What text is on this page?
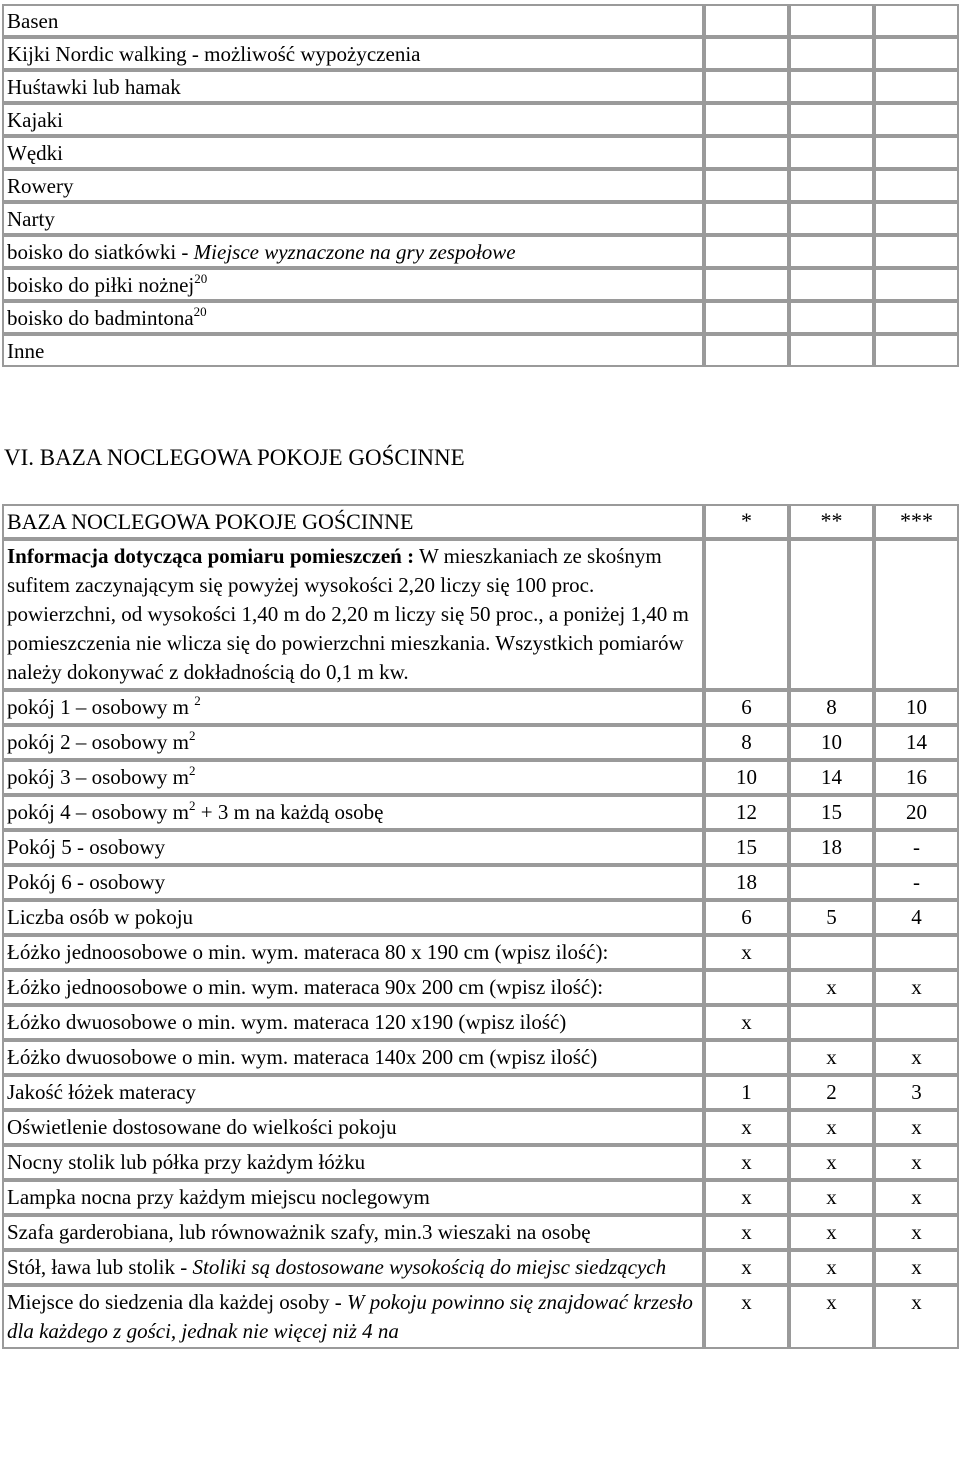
Basen			
Kijki Nordic walking - możliwość wypożyczenia			
Huśtawki lub hamak			
Kajaki			
Wędki			
Rowery			
Narty			
boisko do siatkówki - Miejsce wyznaczone na gry zespołowe			
boisko do piłki nożnej$^{20}$			
boisko do badmintona$^{20}$			
Inne			
VI. BAZA NOCLEGOWA POKOJE GOŚCINNE
BAZA NOCLEGOWA POKOJE GOŚCINNE	*	**	***
Informacja dotycząca pomiaru pomieszczeń : W mieszkaniach ze skośnym sufitem zaczynającym się powyżej wysokości 2,20 liczy się 100 proc. powierzchni, od wysokości 1,40 m do 2,20 m liczy się 50 proc., a poniżej 1,40 m pomieszczenia nie wlicza się do powierzchni mieszkania. Wszystkich pomiarów należy dokonywać z dokładnością do 0,1 m kw.			
pokój 1 – osobowy m $^2$	6	8	10
pokój 2 – osobowy $m^2$	8	10	14
pokój 3 – osobowy $m^2$	10	14	16
pokój 4 – osobowy $m^2 + 3$ m na każdą osobę	12	15	20
Pokój 5 - osobowy	15	18	-
Pokój 6 - osobowy	18		-
Liczba osób w pokoju	6	5	4
Łóżko jednoosobowe o min. wym. materaca 80 x 190 cm (wpisz ilość):	x		
Łóżko jednoosobowe o min. wym. materaca 90x 200 cm (wpisz ilość):		x	x
Łóżko dwuosobowe o min. wym. materaca 120 x190 (wpisz ilość)	x		
Łóżko dwuosobowe o min. wym. materaca 140x 200 cm (wpisz ilość)		x	x
Jakość łóżek materacy	1	2	3
Oświetlenie dostosowane do wielkości pokoju	x	x	x
Nocny stolik lub półka przy każdym łóżku	x	x	x
Lampka nocna przy każdym miejscu noclegowym	x	x	x
Szafa garderobiana, lub równoważnik szafy, min.3 wieszaki na osobę	x	x	x
Stół, ława lub stolik - Stoliki są dostosowane wysokością do miejsc siedzących	x	x	x
Miejsce do siedzenia dla każdej osoby - W pokoju powinno się znajdować krzesło dla każdego z gości, jednak nie więcej niż 4 na	x	x	x
